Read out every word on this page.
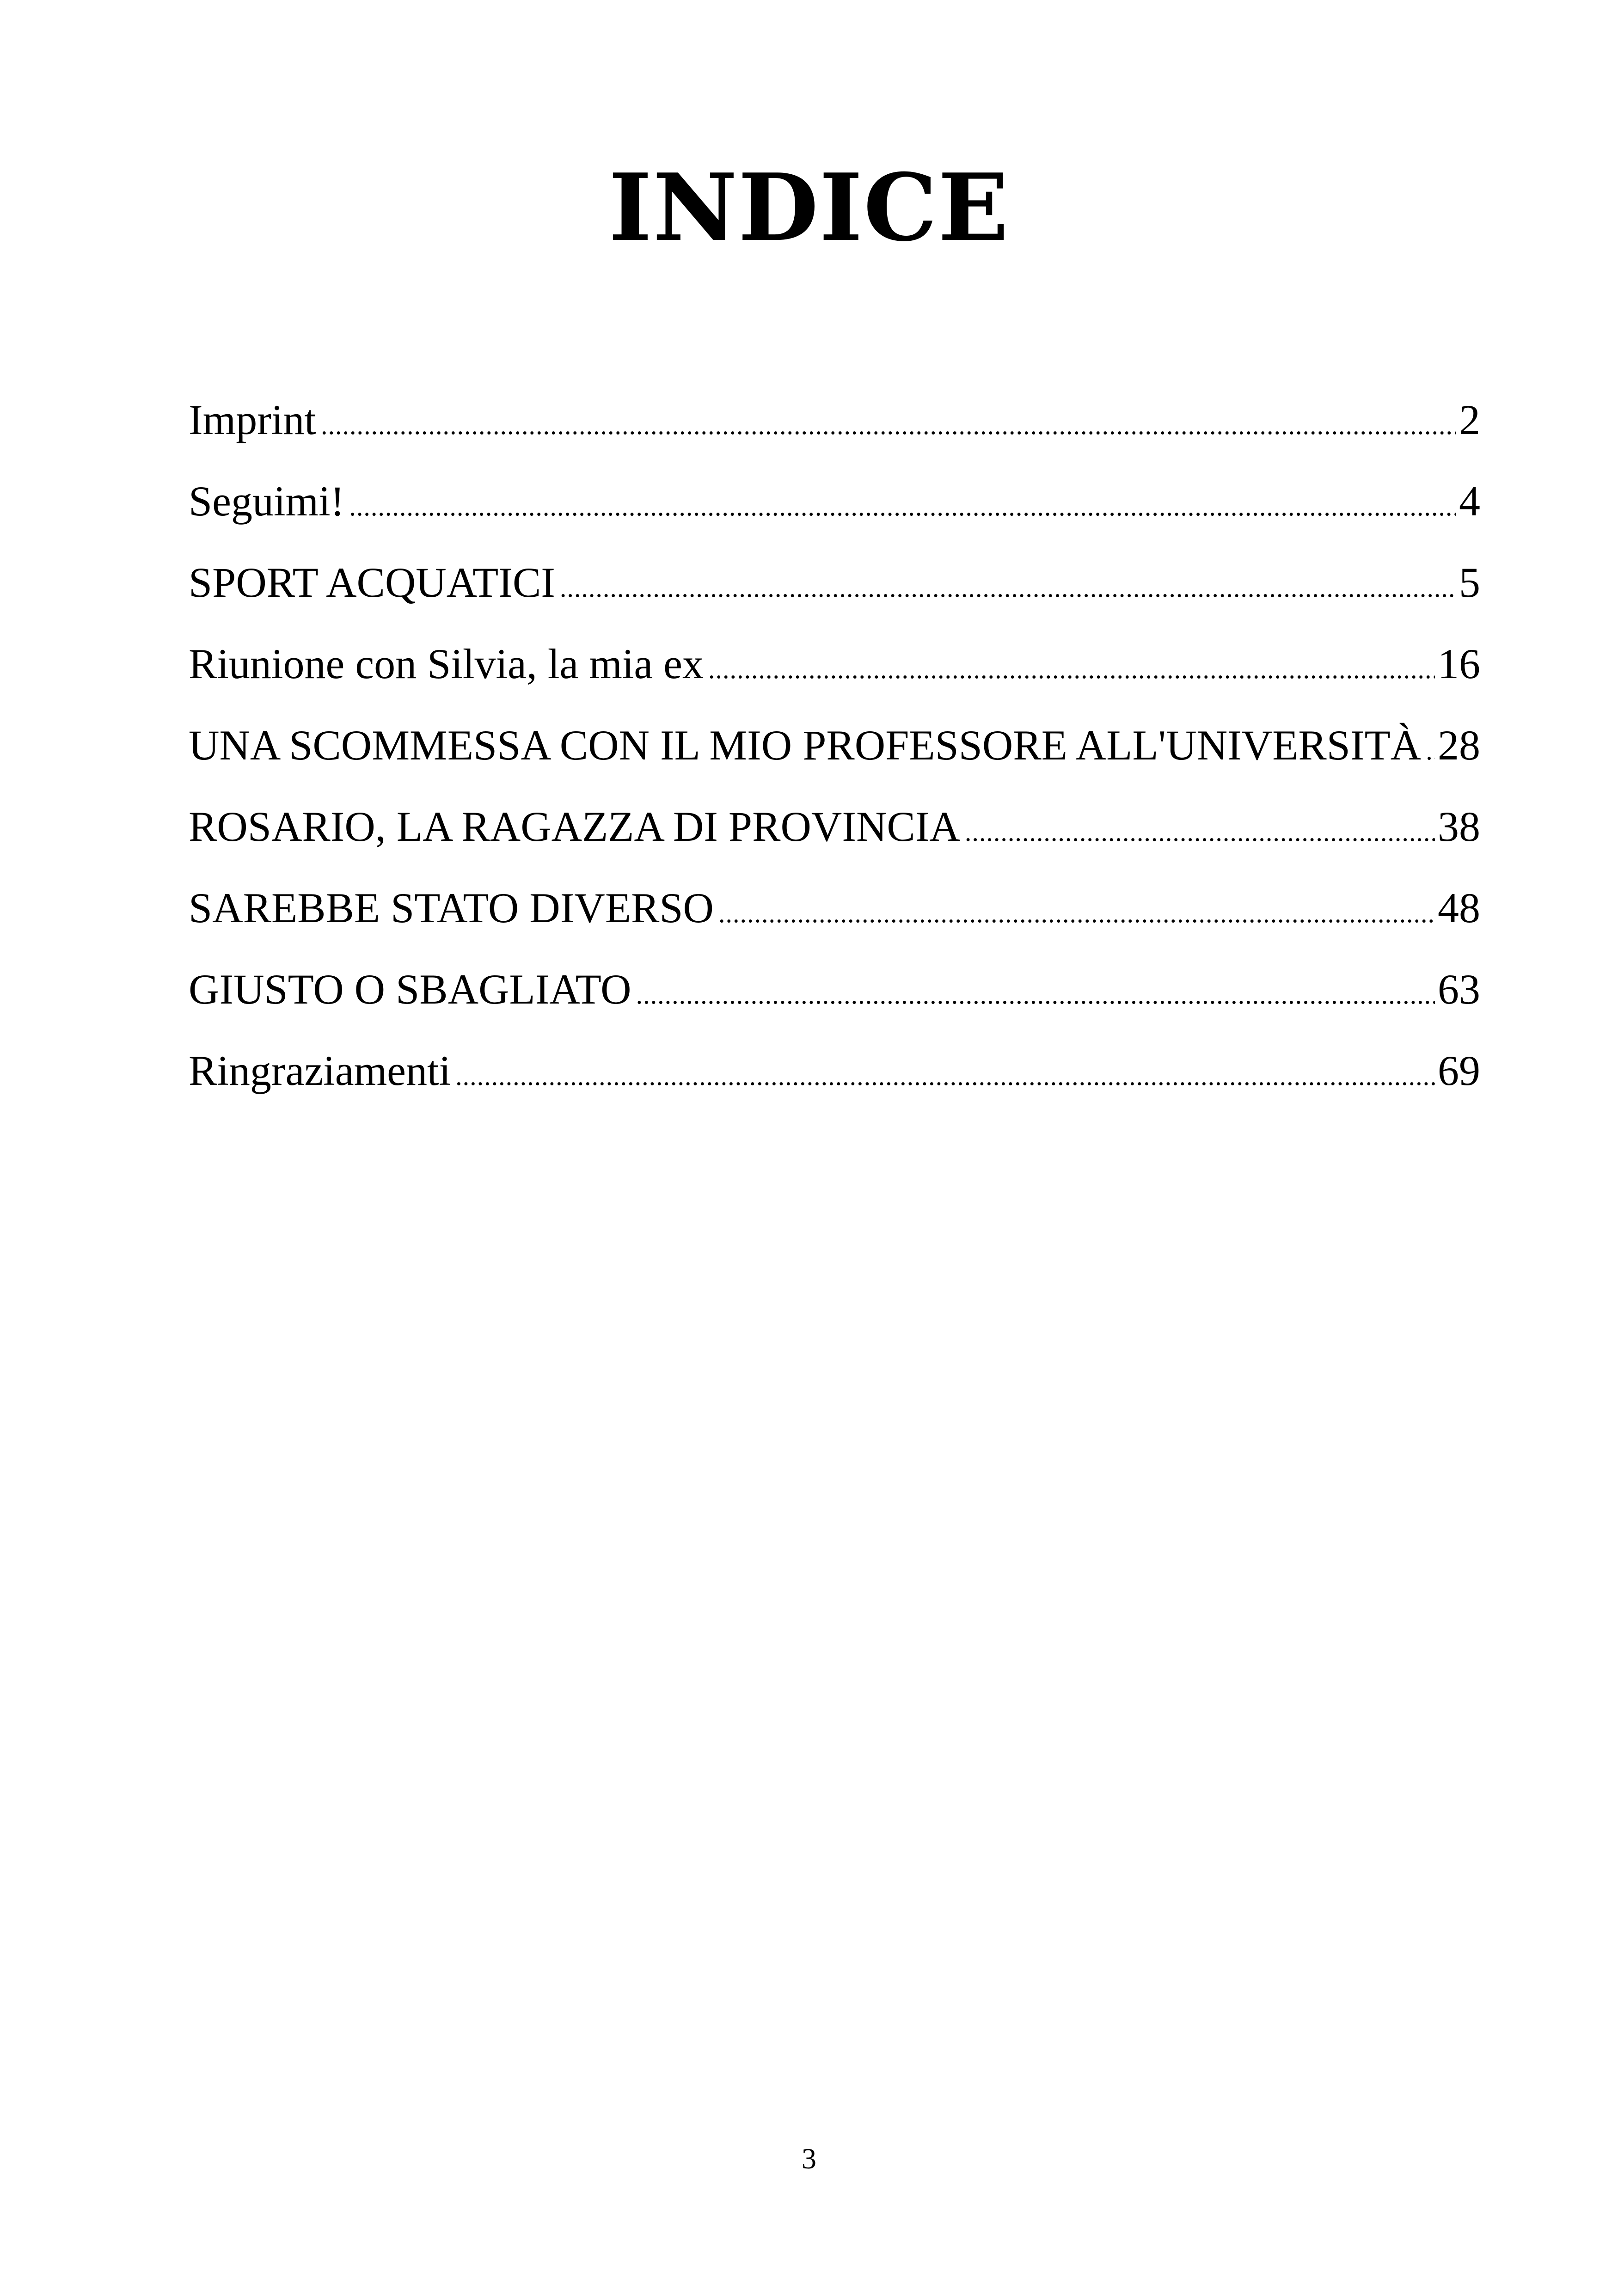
INDICE
Imprint .....	2
Seguimi! .....	4
SPORT ACQUATICI .....	5
Riunione con Silvia, la mia ex .....	16
UNA SCOMMESSA CON IL MIO PROFESSORE ALL'UNIVERSITÀ ..... 28
ROSARIO, LA RAGAZZA DI PROVINCIA .....	38
SAREBBE STATO DIVERSO .....	48
GIUSTO O SBAGLIATO .....	63
Ringraziamenti .....	69
3
